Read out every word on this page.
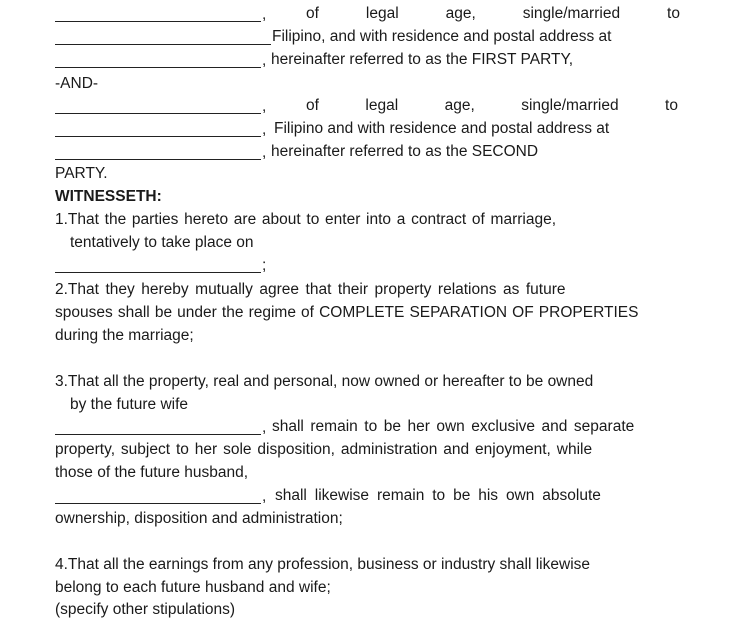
,	of	legal	age,	single/married	to
Filipino, and with residence and postal address at
, hereinafter referred to as the FIRST PARTY,
-AND-
,	of	legal	age,	single/married	to
, Filipino and with residence and postal address at
, hereinafter referred to as the SECOND
PARTY.
WITNESSETH:
1.That the parties hereto are about to enter into a contract of marriage,
tentatively to take place on
;
2.That they hereby mutually agree that their property relations as future
spouses shall be under the regime of COMPLETE SEPARATION OF PROPERTIES
during the marriage;
3.That all the property, real and personal, now owned or hereafter to be owned
by the future wife
, shall remain to be her own exclusive and separate
property, subject to her sole disposition, administration and enjoyment, while
those of the future husband,
, shall likewise remain to be his own absolute
ownership, disposition and administration;
4.That all the earnings from any profession, business or industry shall likewise
belong to each future husband and wife;
(specify other stipulations)
